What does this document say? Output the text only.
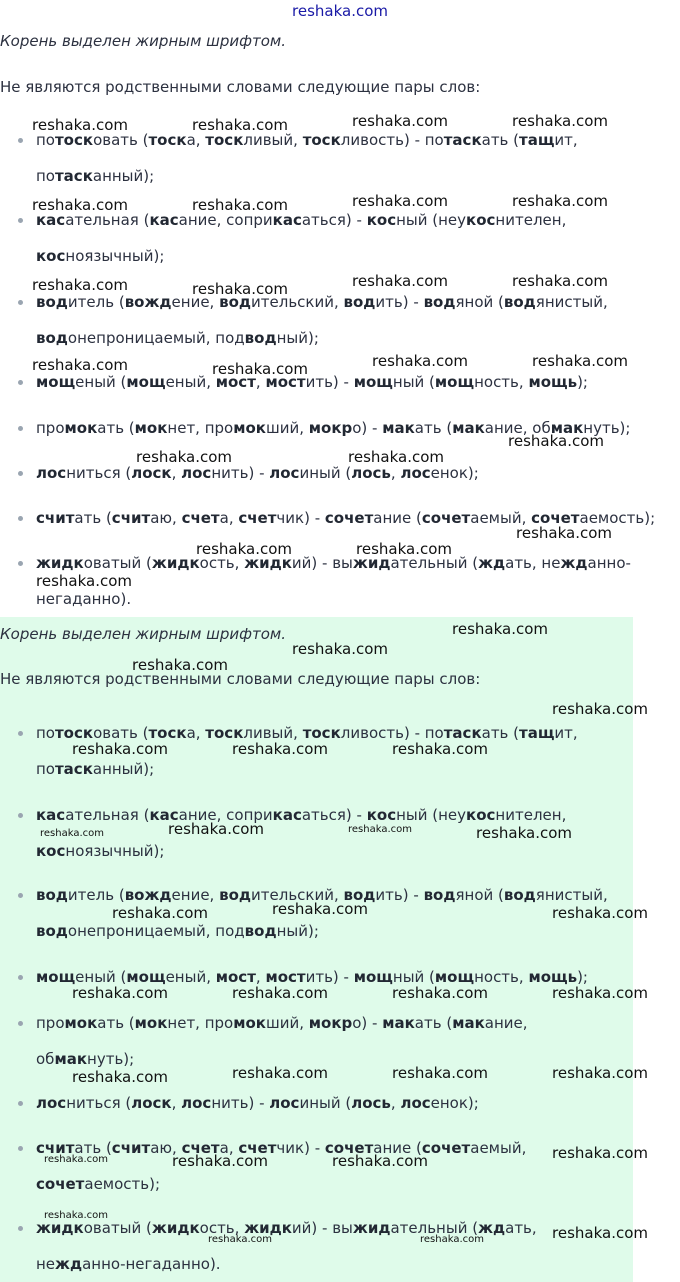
reshaka.com
Корень выделен жирным шрифтом.
Не являются родственными словами следующие пары слов:
потосковать (тоска, тоскливый, тоскливость) - потаскать (тащит,
потасканный);
касательная (касание, соприкасаться) - косный (неукоснителен,
косноязычный);
водитель (вождение, водительский, водить) - водяной (водянистый,
водонепроницаемый, подводный);
мощеный (мощеный, мост, мостить) - мощный (мощность, мощь);
промокать (мокнет, промокший, мокро) - макать (макание, обмакнуть);
лосниться (лоск, лоснить) - лосиный (лось, лосенок);
считать (считаю, счета, счетчик) - сочетание (сочетаемый, сочетаемость);
жидковатый (жидкость, жидкий) - выжидательный (ждать, нежданно-
негаданно).
Корень выделен жирным шрифтом.
Не являются родственными словами следующие пары слов:
потосковать (тоска, тоскливый, тоскливость) - потаскать (тащит,
потасканный);
касательная (касание, соприкасаться) - косный (неукоснителен,
косноязычный);
водитель (вождение, водительский, водить) - водяной (водянистый,
водонепроницаемый, подводный);
мощеный (мощеный, мост, мостить) - мощный (мощность, мощь);
промокать (мокнет, промокший, мокро) - макать (макание,
обмакнуть);
лосниться (лоск, лоснить) - лосиный (лось, лосенок);
считать (считаю, счета, счетчик) - сочетание (сочетаемый,
сочетаемость);
жидковатый (жидкость, жидкий) - выжидательный (ждать,
нежданно-негаданно).
reshaka.com	reshaka.com	reshaka.com	reshaka.com
reshaka.com	reshaka.com	reshaka.com	reshaka.com
reshaka.com	reshaka.com	reshaka.com	reshaka.com
reshaka.com	reshaka.com	reshaka.com	reshaka.com
reshaka.com
reshaka.com	reshaka.com
reshaka.com
reshaka.com	reshaka.com
reshaka.com
reshaka.com
reshaka.com
reshaka.com
reshaka.com
reshaka.com	reshaka.com	reshaka.com
reshaka.com	reshaka.com
reshaka.com	reshaka.com
reshaka.com	reshaka.com	reshaka.com
reshaka.com	reshaka.com	reshaka.com	reshaka.com
reshaka.com	reshaka.com	reshaka.com	reshaka.com
reshaka.com
reshaka.com	reshaka.com
reshaka.com
reshaka.com
reshaka.com
reshaka.com	reshaka.com
